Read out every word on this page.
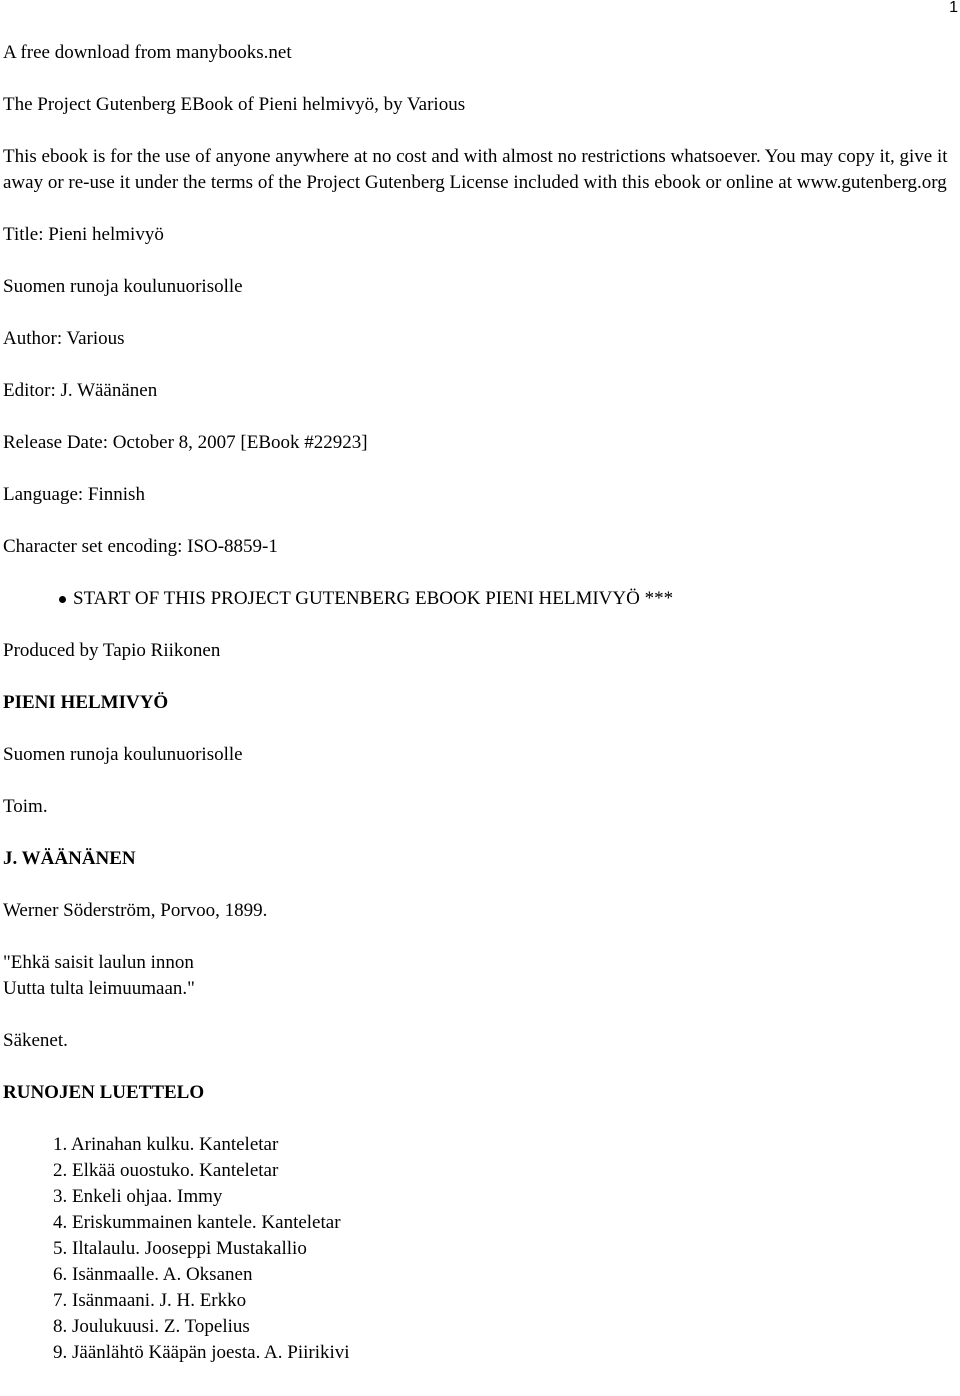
1

A free download from manybooks.net

The Project Gutenberg EBook of Pieni helmivyö, by Various

This ebook is for the use of anyone anywhere at no cost and with almost no restrictions whatsoever. You may copy it, give it away or re-use it under the terms of the Project Gutenberg License included with this ebook or online at www.gutenberg.org

Title: Pieni helmivyö

Suomen runoja koulunuorisolle

Author: Various

Editor: J. Wäänänen

Release Date: October 8, 2007 [EBook #22923]

Language: Finnish

Character set encoding: ISO-8859-1

START OF THIS PROJECT GUTENBERG EBOOK PIENI HELMIVYÖ ***

Produced by Tapio Riikonen

PIENI HELMIVYÖ

Suomen runoja koulunuorisolle

Toim.

J. WÄÄNÄNEN

Werner Söderström, Porvoo, 1899.

"Ehkä saisit laulun innon
Uutta tulta leimuumaan."

Säkenet.

RUNOJEN LUETTELO

1. Arinahan kulku. Kanteletar
2. Elkää ouostuko. Kanteletar
3. Enkeli ohjaa. Immy
4. Eriskummainen kantele. Kanteletar
5. Iltalaulu. Jooseppi Mustakallio
6. Isänmaalle. A. Oksanen
7. Isänmaani. J. H. Erkko
8. Joulukuusi. Z. Topelius
9. Jäänlähtö Kääpän joesta. A. Piirikivi
